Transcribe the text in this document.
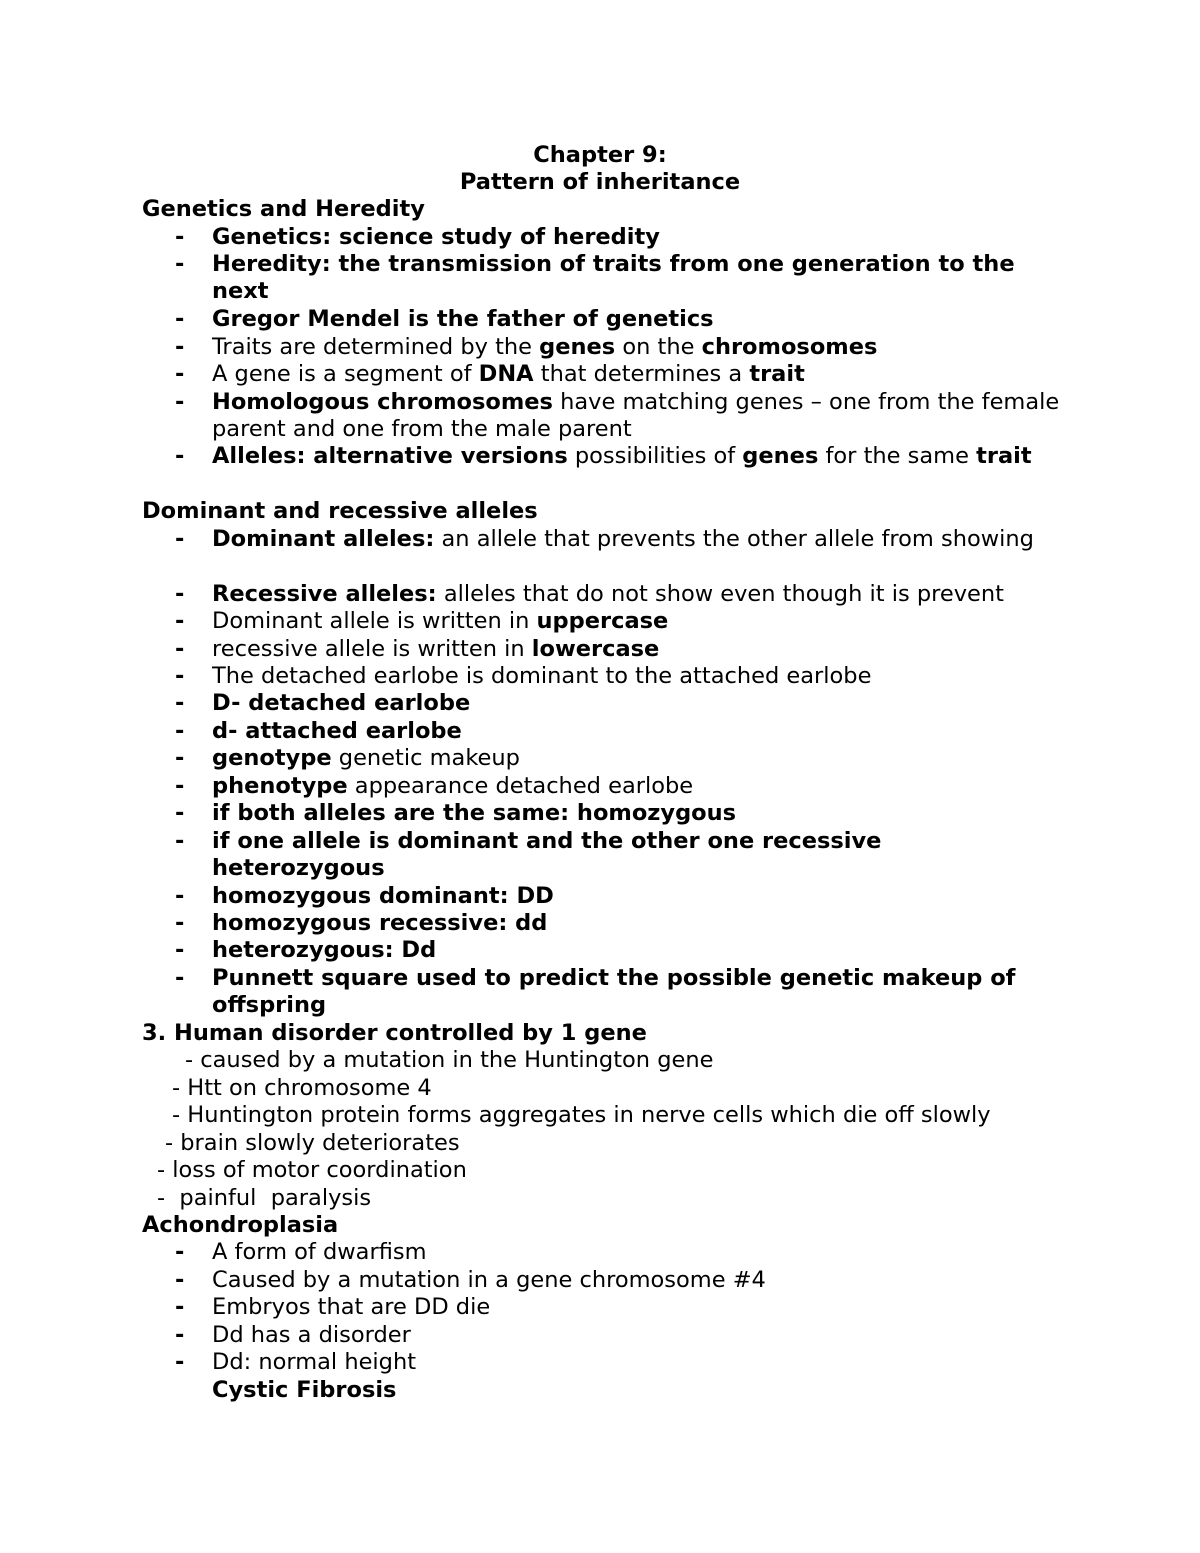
Chapter 9:
Pattern of inheritance
Genetics and Heredity
- Genetics: science study of heredity
- Heredity: the transmission of traits from one generation to the next
- Gregor Mendel is the father of genetics
- Traits are determined by the genes on the chromosomes
- A gene is a segment of DNA that determines a trait
- Homologous chromosomes have matching genes – one from the female parent and one from the male parent
- Alleles: alternative versions possibilities of genes for the same trait
Dominant and recessive alleles
- Dominant alleles: an allele that prevents the other allele from showing
- Recessive alleles: alleles that do not show even though it is prevent
- Dominant allele is written in uppercase
- recessive allele is written in lowercase
- The detached earlobe is dominant to the attached earlobe
- D- detached earlobe
- d- attached earlobe
- genotype genetic makeup
- phenotype appearance detached earlobe
- if both alleles are the same: homozygous
- if one allele is dominant and the other one recessive heterozygous
- homozygous dominant: DD
- homozygous recessive: dd
- heterozygous: Dd
- Punnett square used to predict the possible genetic makeup of offspring
3. Human disorder controlled by 1 gene
- caused by a mutation in the Huntington gene
- Htt on chromosome 4
- Huntington protein forms aggregates in nerve cells which die off slowly
- brain slowly deteriorates
- loss of motor coordination
-  painful  paralysis
Achondroplasia
- A form of dwarfism
- Caused by a mutation in a gene chromosome #4
- Embryos that are DD die
- Dd has a disorder
- Dd: normal height
Cystic Fibrosis
